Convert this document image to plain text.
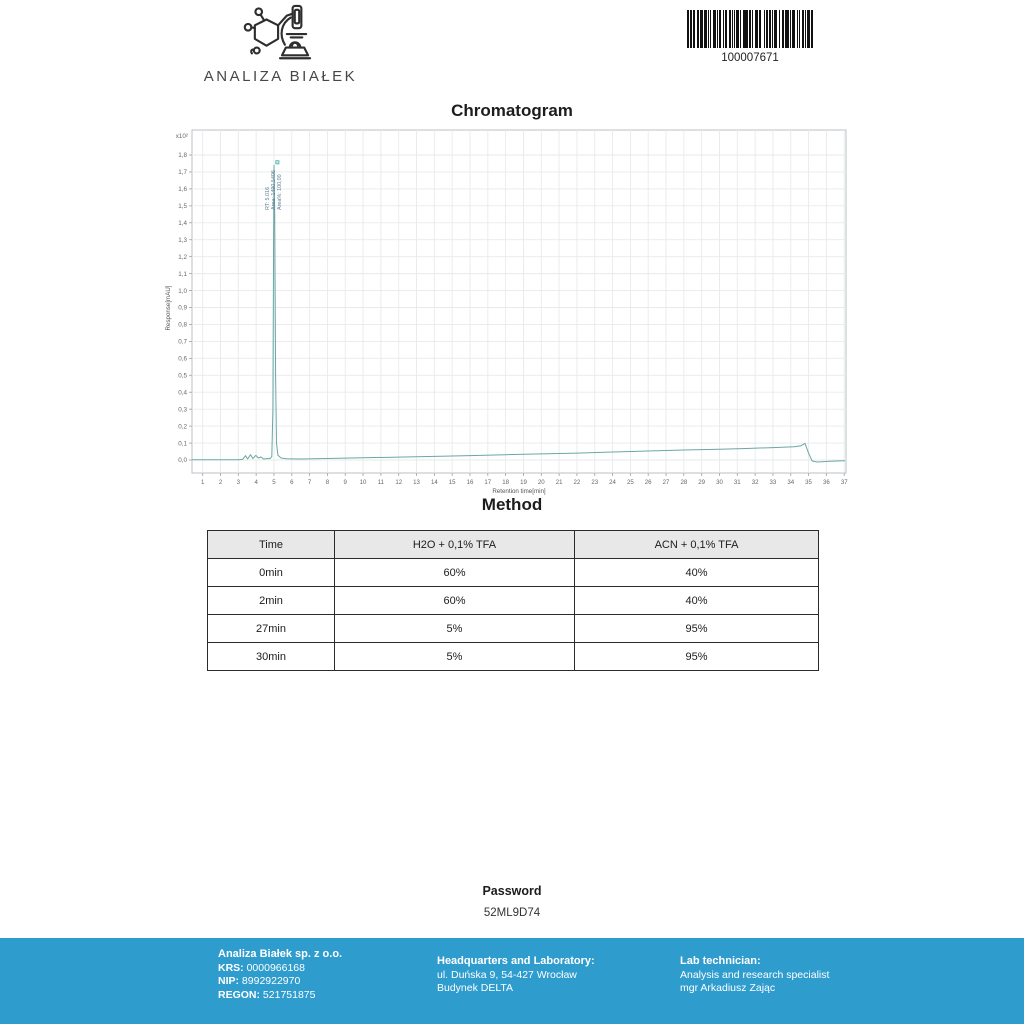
ANALIZA BIAŁEK
100007671
Chromatogram
0,0
0,1
0,2
0,3
0,4
0,5
0,6
0,7
0,8
0,9
1,0
1,1
1,2
1,3
1,4
1,5
1,6
1,7
1,8
x10²
1 2 3 4 5 6 7 8 9 10 11 12 13 14 15 16 17 18 19 20 21 22 23 24 25 26 27 28 29 30 31 32 33 34 35 36 37
Response[mAU]
Retention time[min]
RT: 5.016 Area: 1490,5406 Area%: 100,00
Method
Time	H2O + 0,1% TFA	ACN + 0,1% TFA
0min	60%	40%
2min	60%	40%
27min	5%	95%
30min	5%	95%
Password
52ML9D74
Analiza Białek sp. z o.o.
KRS: 0000966168
NIP: 8992922970
REGON: 521751875
Headquarters and Laboratory:
ul. Duńska 9, 54-427 Wrocław
Budynek DELTA
Lab technician:
Analysis and research specialist
mgr Arkadiusz Zając
